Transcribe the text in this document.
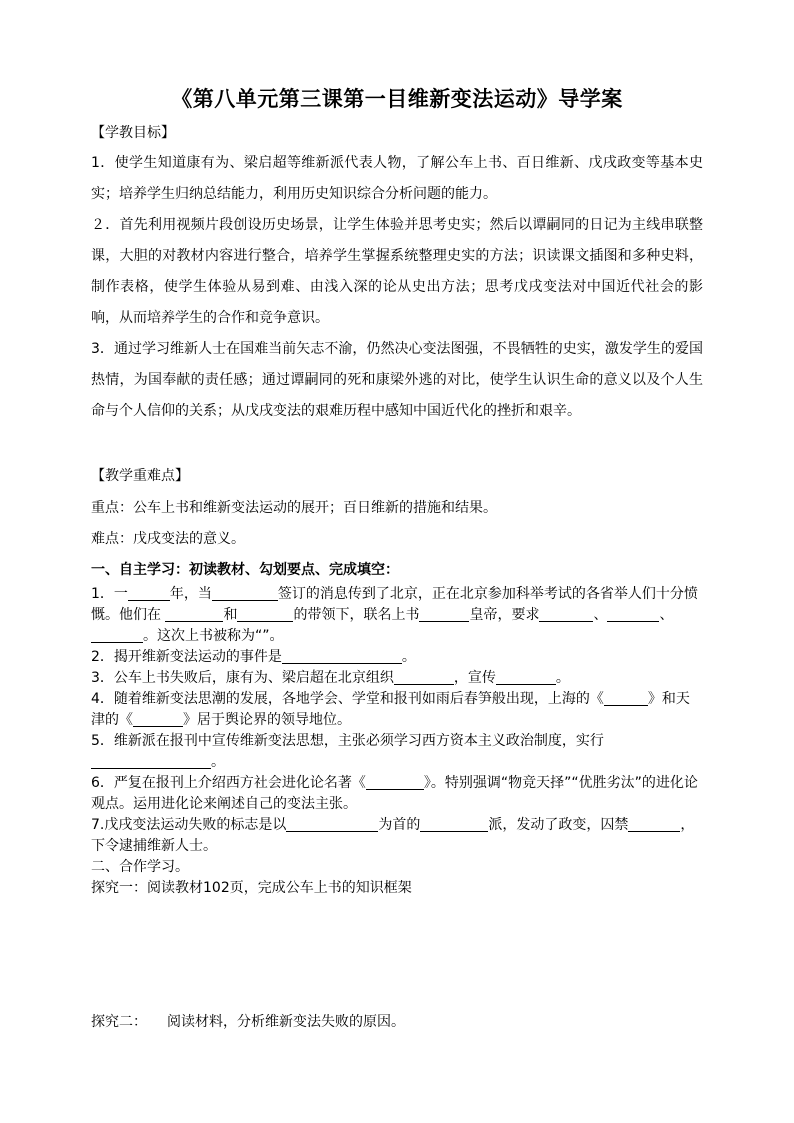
《第八单元第三课第一目维新变法运动》导学案
【学教目标】

1．使学生知道康有为、梁启超等维新派代表人物，了解公车上书、百日维新、戊戌政变等基本史实；培养学生归纳总结能力，利用历史知识综合分析问题的能力。

２．首先利用视频片段创设历史场景，让学生体验并思考史实；然后以谭嗣同的日记为主线串联整课，大胆的对教材内容进行整合，培养学生掌握系统整理史实的方法；识读课文插图和多种史料，制作表格，使学生体验从易到难、由浅入深的论从史出方法；思考戊戌变法对中国近代社会的影响，从而培养学生的合作和竞争意识。

3．通过学习维新人士在国难当前矢志不渝，仍然决心变法图强，不畏牺牲的史实，激发学生的爱国热情，为国奉献的责任感；通过谭嗣同的死和康梁外逃的对比，使学生认识生命的意义以及个人生命与个人信仰的关系；从戊戌变法的艰难历程中感知中国近代化的挫折和艰辛。

【教学重难点】
重点：公车上书和维新变法运动的展开；百日维新的措施和结果。
难点：戊戌变法的意义。
一、自主学习：初读教材、勾划要点、完成填空：

1．一	年，当	签订的消息传到了北京，正在北京参加科举考试的各省举人们十分愤慨。他们在	和	的带领下，联名上书	皇帝，要求	、	、。这次上书被称为“”。

2．揭开维新变法运动的事件是	。

3．公车上书失败后，康有为、梁启超在北京组织	，宣传	。

4．随着维新变法思潮的发展，各地学会、学堂和报刊如雨后春笋般出现，上海的《	》和天津的《	》居于舆论界的领导地位。

5．维新派在报刊中宣传维新变法思想，主张必须学习西方资本主义政治制度，实行。

6．严复在报刊上介绍西方社会进化论名著《	》。特别强调“物竞天择”“优胜劣汰”的进化论观点。运用进化论来阐述自己的变法主张。

7.戊戌变法运动失败的标志是以	为首的	派，发动了政变，囚禁	，下令逮捕维新人士。

二、合作学习。

探究一：阅读教材102页，完成公车上书的知识框架

探究二： 阅读材料，分析维新变法失败的原因。
